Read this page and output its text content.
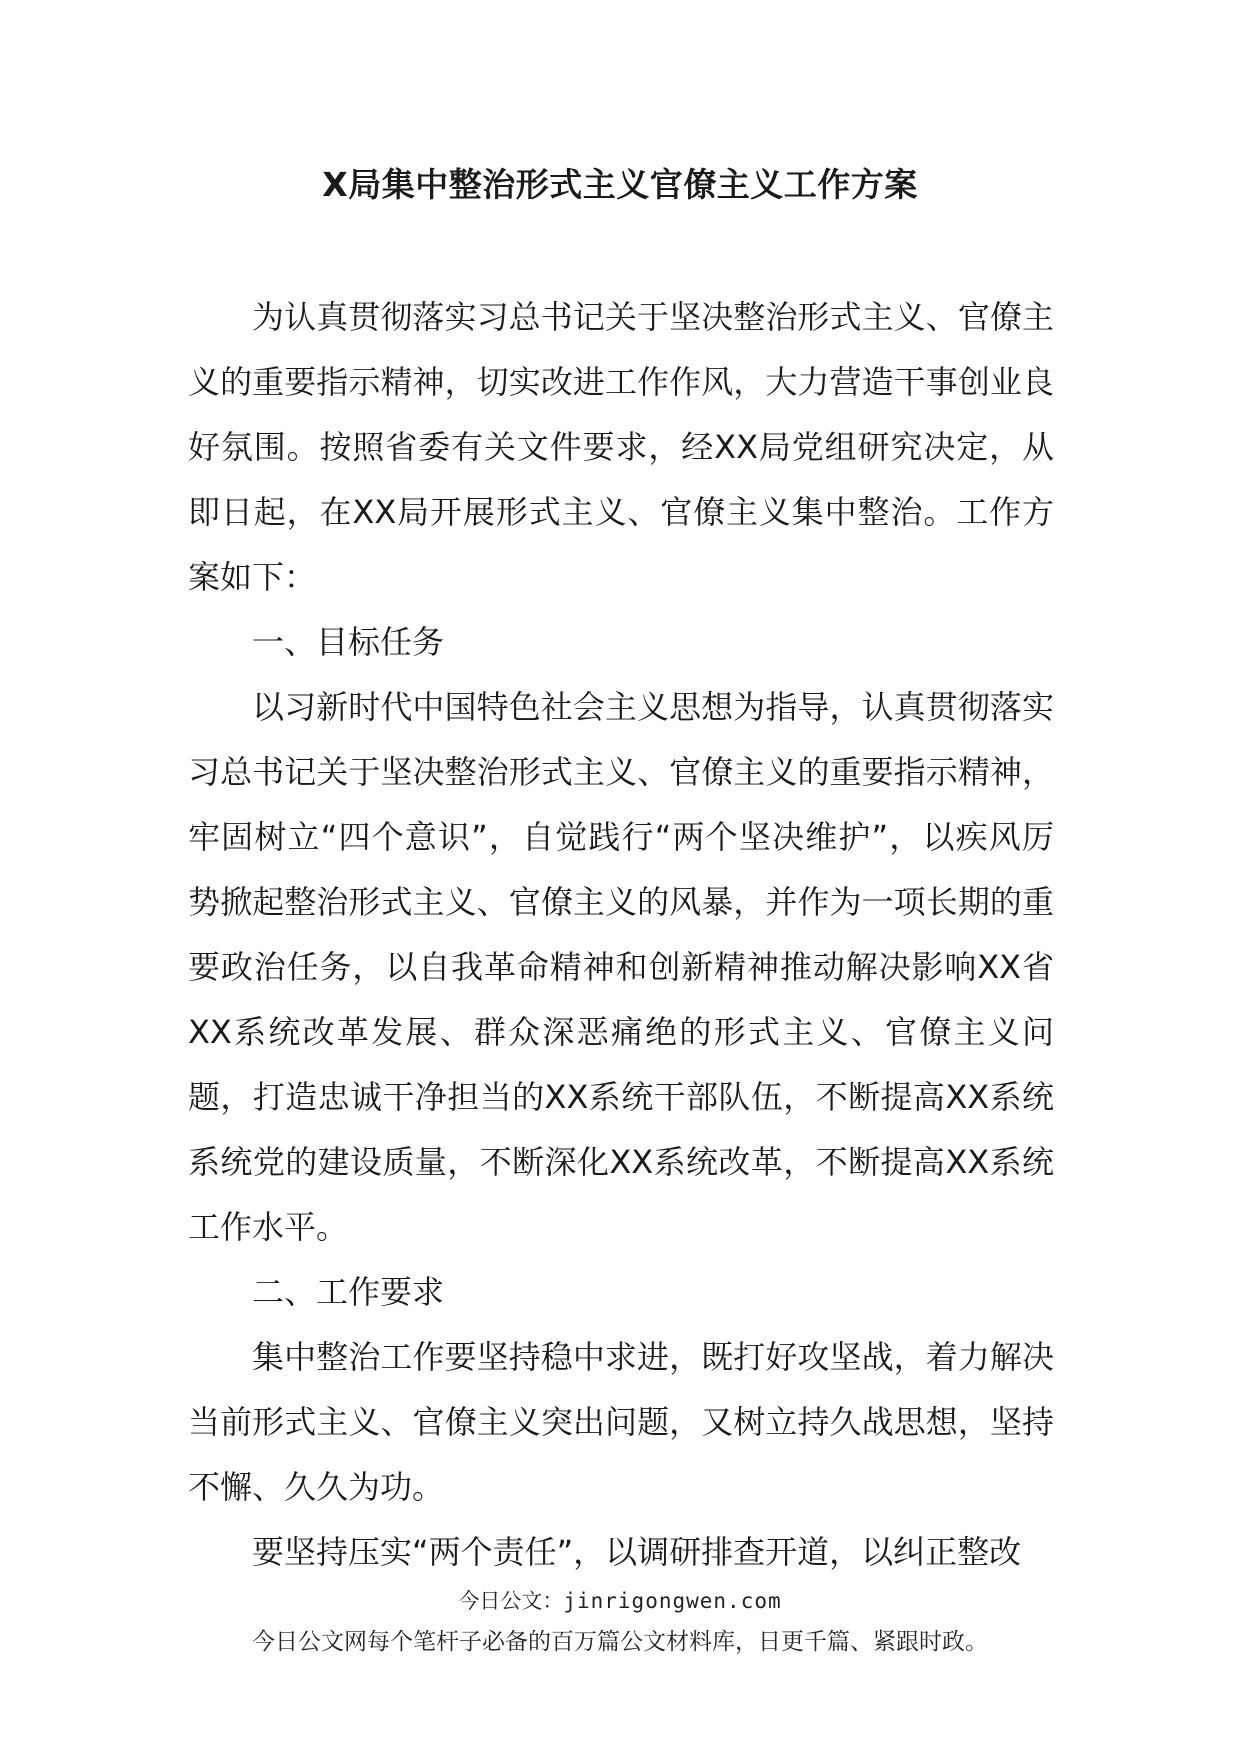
X局集中整治形式主义官僚主义工作方案

为认真贯彻落实习总书记关于坚决整治形式主义、官僚主义的重要指示精神，切实改进工作作风，大力营造干事创业良好氛围。按照省委有关文件要求，经XX局党组研究决定，从即日起，在XX局开展形式主义、官僚主义集中整治。工作方案如下：

一、目标任务

以习新时代中国特色社会主义思想为指导，认真贯彻落实习总书记关于坚决整治形式主义、官僚主义的重要指示精神，牢固树立“四个意识”，自觉践行“两个坚决维护”，以疾风厉势掀起整治形式主义、官僚主义的风暴，并作为一项长期的重要政治任务，以自我革命精神和创新精神推动解决影响XX省XX系统改革发展、群众深恶痛绝的形式主义、官僚主义问题，打造忠诚干净担当的XX系统干部队伍，不断提高XX系统系统党的建设质量，不断深化XX系统改革，不断提高XX系统工作水平。

二、工作要求

集中整治工作要坚持稳中求进，既打好攻坚战，着力解决当前形式主义、官僚主义突出问题，又树立持久战思想，坚持不懈、久久为功。

要坚持压实“两个责任”，以调研排查开道，以纠正整改

今日公文：jinrigongwen.com
今日公文网每个笔杆子必备的百万篇公文材料库，日更千篇、紧跟时政。
